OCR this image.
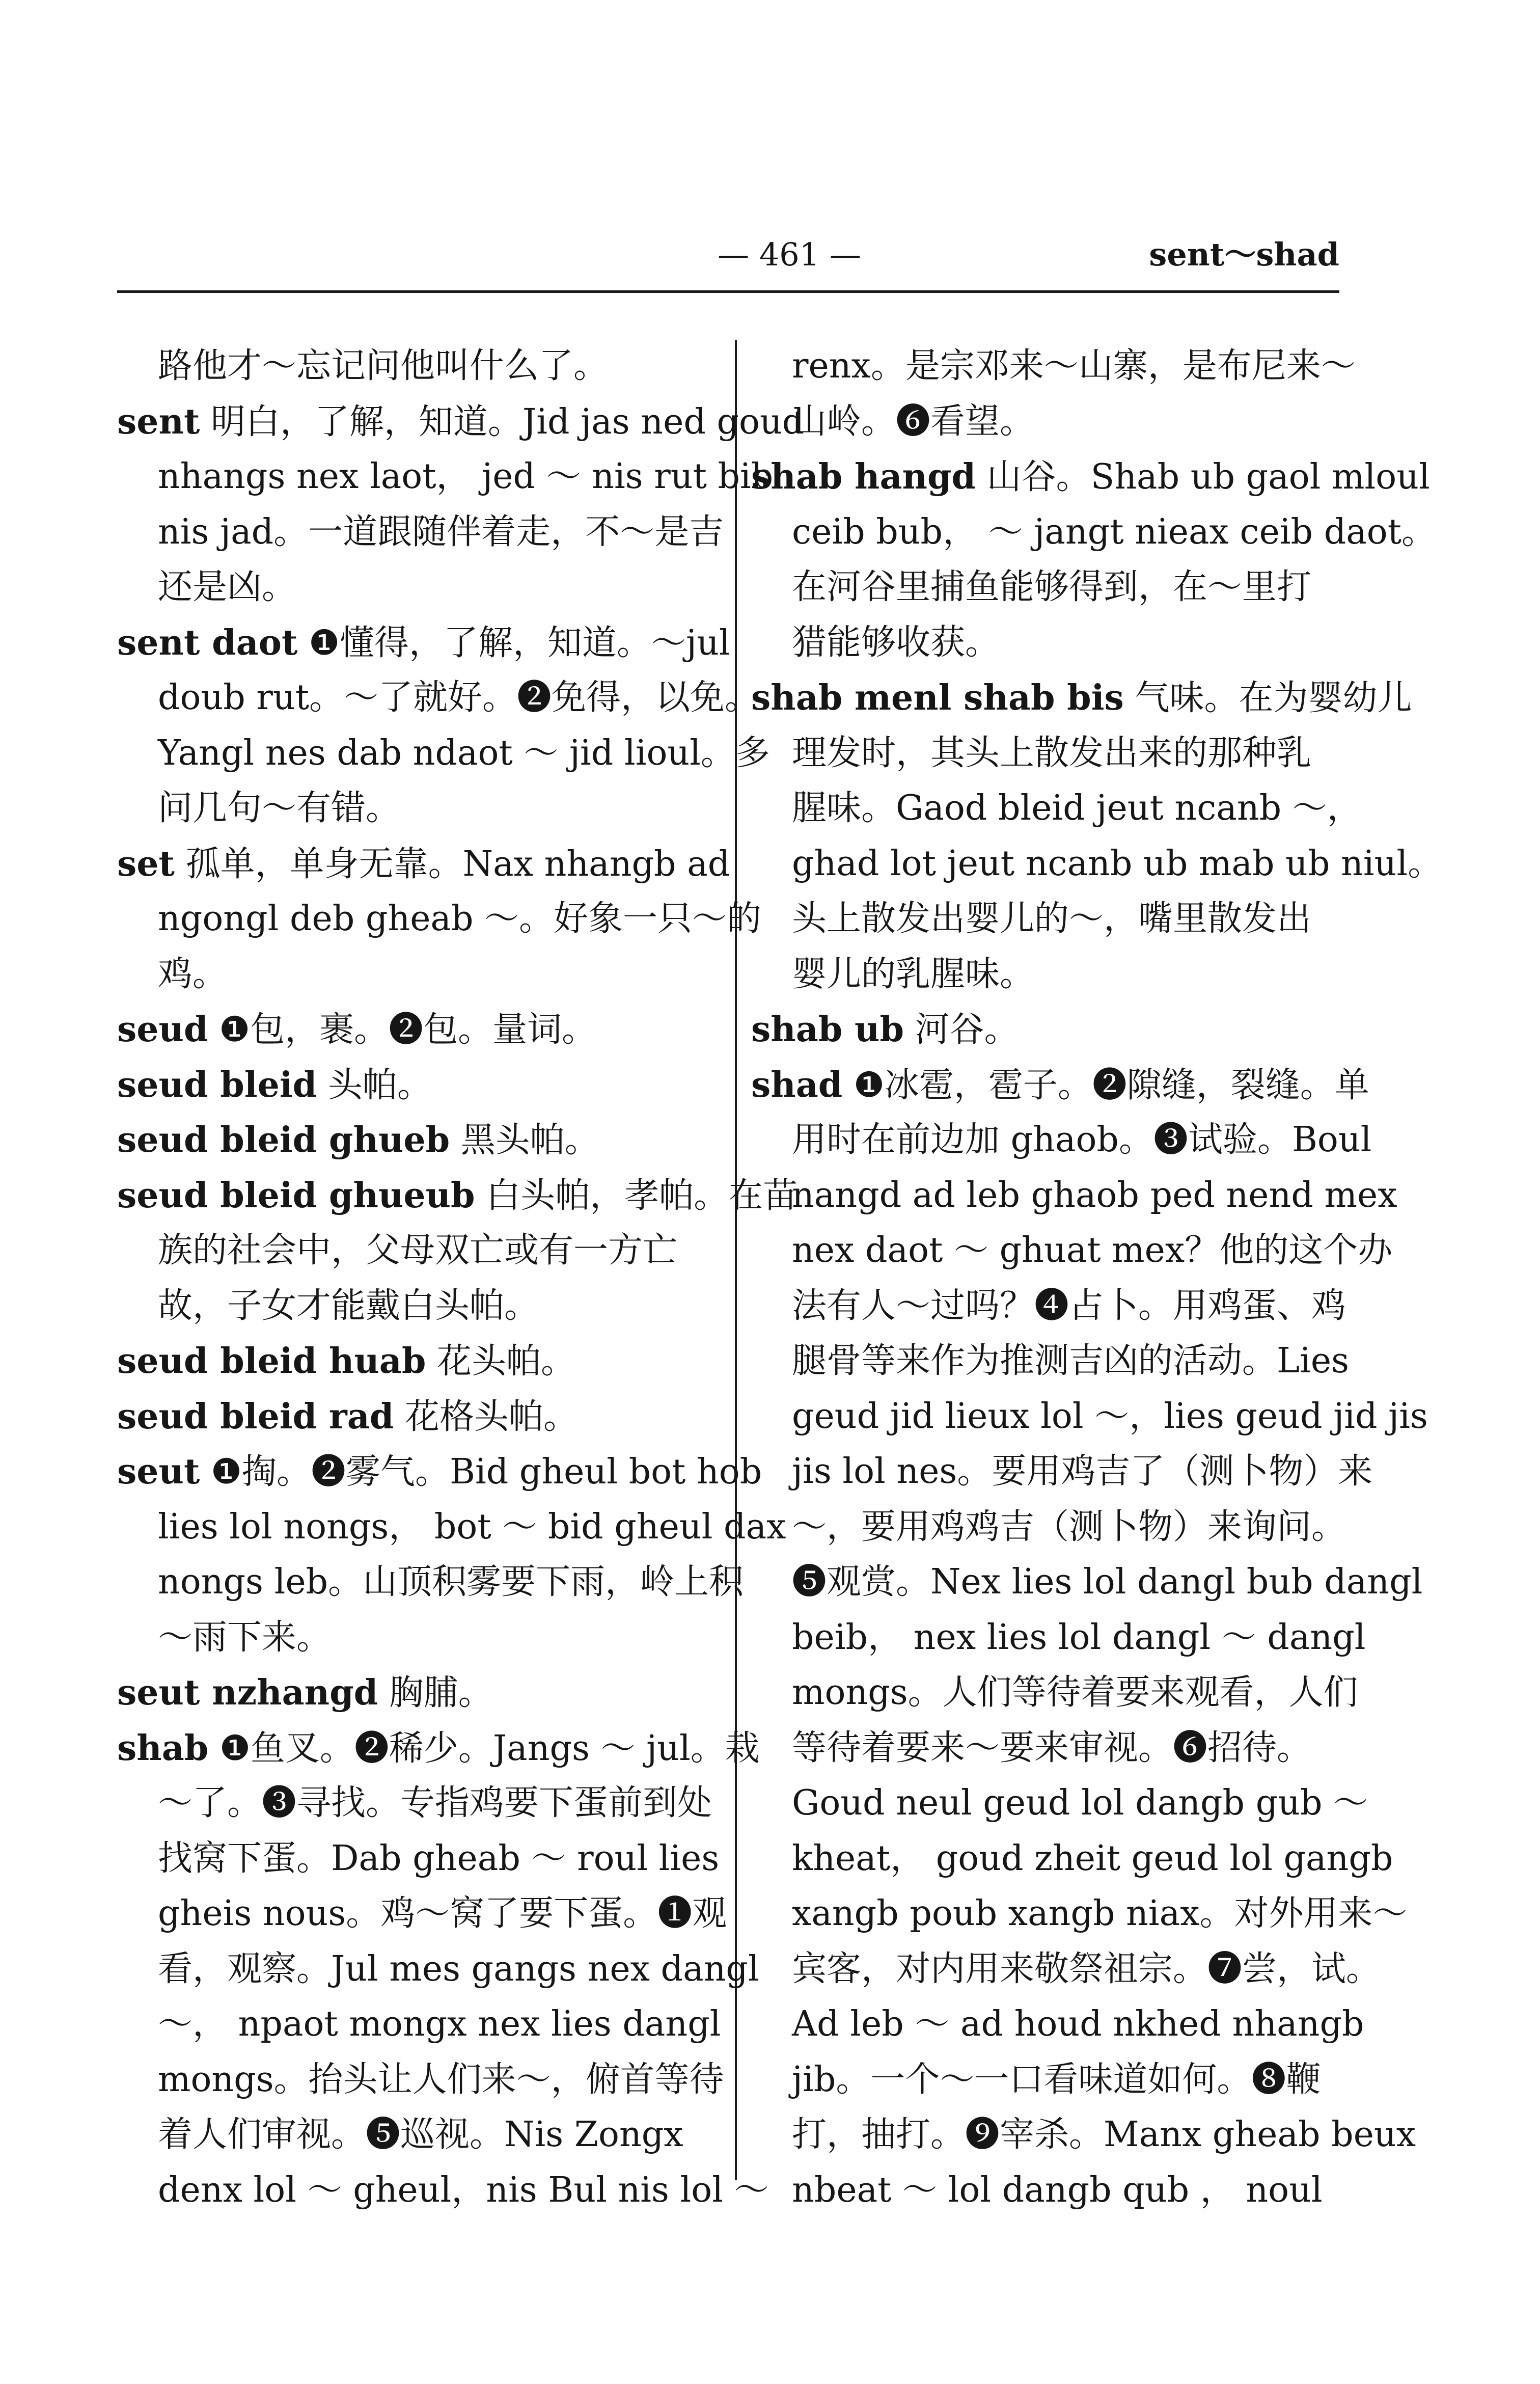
— 461 —	sent～shad
路他才～忘记问他叫什么了。
sent 明白，了解，知道。Jid jas ned goud
nhangs nex laot， jed ～ nis rut bib
nis jad。一道跟随伴着走，不～是吉
还是凶。
sent daot ❶懂得，了解，知道。～jul
doub rut。～了就好。❷免得，以免。
Yangl nes dab ndaot ～ jid lioul。多
问几句～有错。
set 孤单，单身无靠。Nax nhangb ad
ngongl deb gheab ～。好象一只～的
鸡。
seud ❶包，裹。❷包。量词。
seud bleid 头帕。
seud bleid ghueb 黑头帕。
seud bleid ghueub 白头帕，孝帕。在苗
族的社会中，父母双亡或有一方亡
故，子女才能戴白头帕。
seud bleid huab 花头帕。
seud bleid rad 花格头帕。
seut ❶掏。❷雾气。Bid gheul bot hob
lies lol nongs， bot ～ bid gheul dax
nongs leb。山顶积雾要下雨，岭上积
～雨下来。
seut nzhangd 胸脯。
shab ❶鱼叉。❷稀少。Jangs ～ jul。栽
～了。❸寻找。专指鸡要下蛋前到处
找窝下蛋。Dab gheab ～ roul lies
gheis nous。鸡～窝了要下蛋。❶观
看，观察。Jul mes gangs nex dangl
～， npaot mongx nex lies dangl
mongs。抬头让人们来～，俯首等待
着人们审视。❺巡视。Nis Zongx
denx lol ～ gheul，nis Bul nis lol ～
renx。是宗邓来～山寨，是布尼来～
山岭。❻看望。
shab hangd 山谷。Shab ub gaol mloul
ceib bub， ～ jangt nieax ceib daot。
在河谷里捕鱼能够得到，在～里打
猎能够收获。
shab menl shab bis 气味。在为婴幼儿
理发时，其头上散发出来的那种乳
腥味。Gaod bleid jeut ncanb ～，
ghad lot jeut ncanb ub mab ub niul。
头上散发出婴儿的～，嘴里散发出
婴儿的乳腥味。
shab ub 河谷。
shad ❶冰雹，雹子。❷隙缝，裂缝。单
用时在前边加 ghaob。❸试验。Boul
nangd ad leb ghaob ped nend mex
nex daot ～ ghuat mex？他的这个办
法有人～过吗？❹占卜。用鸡蛋、鸡
腿骨等来作为推测吉凶的活动。Lies
geud jid lieux lol ～，lies geud jid jis
jis lol nes。要用鸡吉了（测卜物）来
～，要用鸡鸡吉（测卜物）来询问。
❺观赏。Nex lies lol dangl bub dangl
beib， nex lies lol dangl ～ dangl
mongs。人们等待着要来观看，人们
等待着要来～要来审视。❻招待。
Goud neul geud lol dangb gub ～
kheat， goud zheit geud lol gangb
xangb poub xangb niax。对外用来～
宾客，对内用来敬祭祖宗。❼尝，试。
Ad leb ～ ad houd nkhed nhangb
jib。一个～一口看味道如何。❽鞭
打，抽打。❾宰杀。Manx gheab beux
nbeat ～ lol dangb qub ， noul
